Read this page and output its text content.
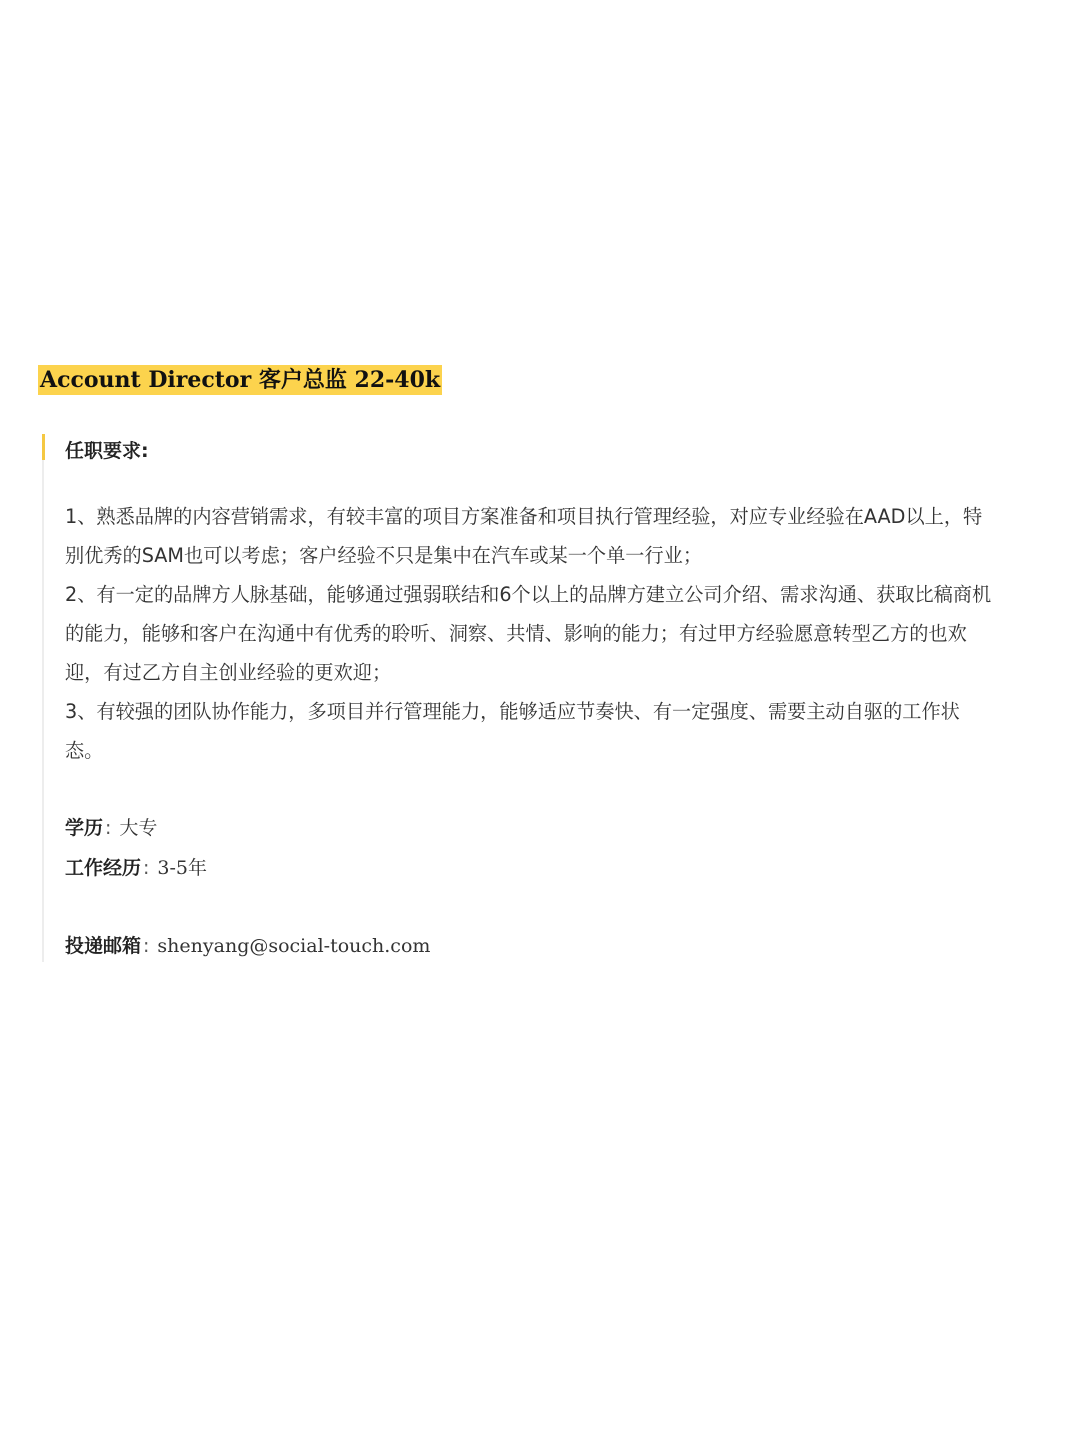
Account Director 客户总监 22-40k
任职要求:

1、熟悉品牌的内容营销需求，有较丰富的项目方案准备和项目执行管理经验，对应专业经验在AAD以上，特别优秀的SAM也可以考虑；客户经验不只是集中在汽车或某一个单一行业；

2、有一定的品牌方人脉基础，能够通过强弱联结和6个以上的品牌方建立公司介绍、需求沟通、获取比稿商机的能力，能够和客户在沟通中有优秀的聆听、洞察、共情、影响的能力；有过甲方经验愿意转型乙方的也欢迎，有过乙方自主创业经验的更欢迎；

3、有较强的团队协作能力，多项目并行管理能力，能够适应节奏快、有一定强度、需要主动自驱的工作状态。

学历 : 大专
工作经历 : 3-5年
投递邮箱 : shenyang@social-touch.com
